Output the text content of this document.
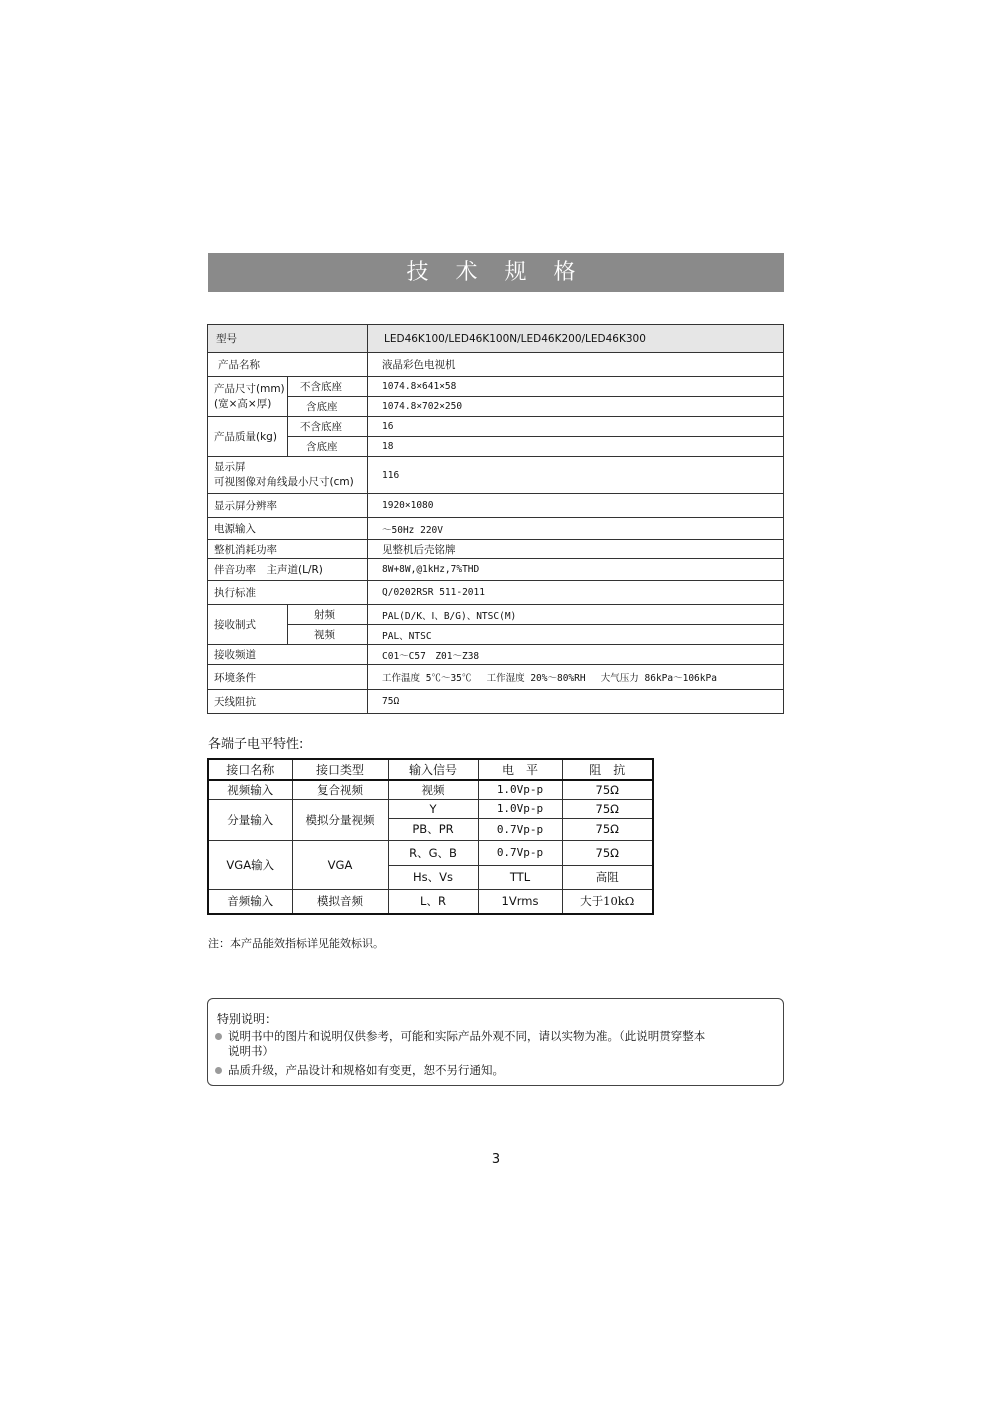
技 术 规 格
型号		LED46K100/LED46K100N/LED46K200/LED46K300
产品名称		液晶彩色电视机
产品尺寸(mm)
(宽×高×厚)	不含底座	1074.8×641×58
	含底座	1074.8×702×250
产品质量(kg)	不含底座	16
	含底座	18
显示屏
可视图像对角线最小尺寸(cm)		116
显示屏分辨率		1920×1080
电源输入		～50Hz 220V
整机消耗功率		见整机后壳铭牌
伴音功率　主声道(L/R)		8W+8W,@1kHz,7%THD
执行标准		Q/0202RSR 511-2011
接收制式	射频	PAL(D/K、Ⅰ、B/G)、NTSC(M)
	视频	PAL、NTSC
接收频道		C01～C57　Z01～Z38
环境条件		工作温度 5℃～35℃　 工作湿度 20%～80%RH　 大气压力 86kPa～106kPa
天线阻抗		75Ω
各端子电平特性:
接口名称	接口类型	输入信号	电　平	阻　抗
视频输入	复合视频	视频	1.0Vp-p	75Ω
分量输入	模拟分量视频	Y	1.0Vp-p	75Ω
		PB、PR	0.7Vp-p	75Ω
VGA输入	VGA	R、G、B	0.7Vp-p	75Ω
		Hs、Vs	TTL	高阻
音频输入	模拟音频	L、R	1Vrms	大于10kΩ
注：本产品能效指标详见能效标识。
特别说明：
说明书中的图片和说明仅供参考，可能和实际产品外观不同，请以实物为准。（此说明贯穿整本
说明书）
品质升级，产品设计和规格如有变更，恕不另行通知。
3
